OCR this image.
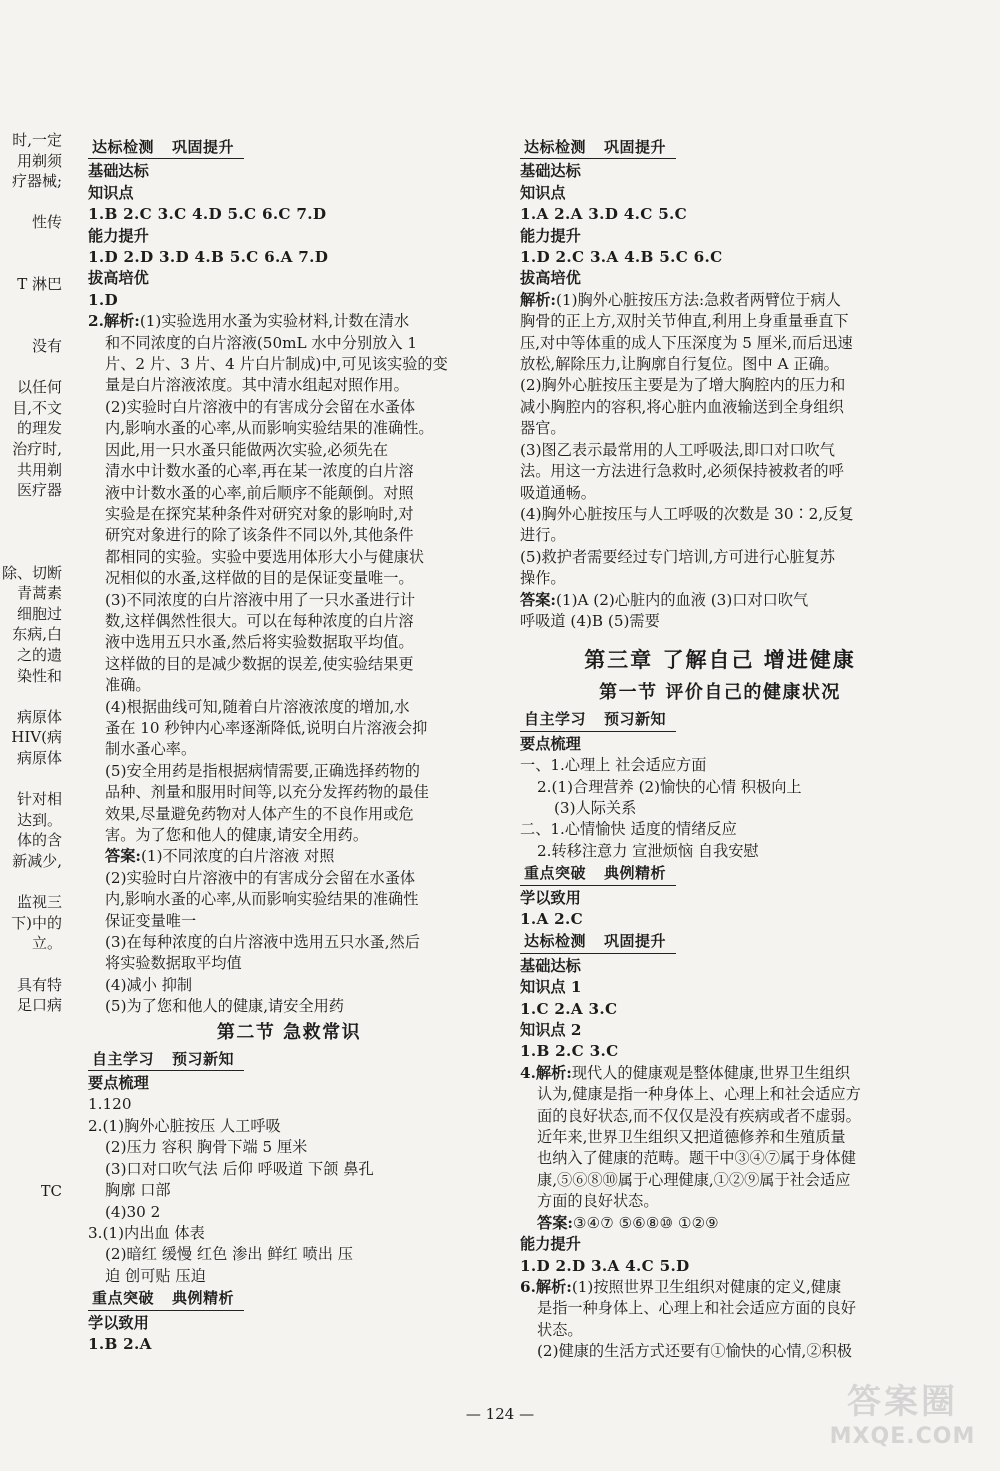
时,一定
用剃须
疗器械;
性传
T 淋巴
没有
以任何
目,不文
的理发
治疗时,
共用剃
医疗器
除、切断
青蒿素
细胞过
东病,白
之的遗
染性和
病原体
HIV(病
病原体
针对相
达到。
体的含
新减少,
监视三
下)中的
立。
具有特
足口病
TC
达标检测 巩固提升
基础达标
知识点
1.B 2.C 3.C 4.D 5.C 6.C 7.D
能力提升
1.D 2.D 3.D 4.B 5.C 6.A 7.D
拔高培优
1.D
2.解析:(1)实验选用水蚤为实验材料,计数在清水
和不同浓度的白片溶液(50mL 水中分别放入 1
片、2 片、3 片、4 片白片制成)中,可见该实验的变
量是白片溶液浓度。其中清水组起对照作用。
(2)实验时白片溶液中的有害成分会留在水蚤体
内,影响水蚤的心率,从而影响实验结果的准确性。
因此,用一只水蚤只能做两次实验,必须先在
清水中计数水蚤的心率,再在某一浓度的白片溶
液中计数水蚤的心率,前后顺序不能颠倒。对照
实验是在探究某种条件对研究对象的影响时,对
研究对象进行的除了该条件不同以外,其他条件
都相同的实验。实验中要选用体形大小与健康状
况相似的水蚤,这样做的目的是保证变量唯一。
(3)不同浓度的白片溶液中用了一只水蚤进行计
数,这样偶然性很大。可以在每种浓度的白片溶
液中选用五只水蚤,然后将实验数据取平均值。
这样做的目的是减少数据的误差,使实验结果更
准确。
(4)根据曲线可知,随着白片溶液浓度的增加,水
蚤在 10 秒钟内心率逐渐降低,说明白片溶液会抑
制水蚤心率。
(5)安全用药是指根据病情需要,正确选择药物的
品种、剂量和服用时间等,以充分发挥药物的最佳
效果,尽量避免药物对人体产生的不良作用或危
害。为了您和他人的健康,请安全用药。
答案:(1)不同浓度的白片溶液 对照
(2)实验时白片溶液中的有害成分会留在水蚤体
内,影响水蚤的心率,从而影响实验结果的准确性
保证变量唯一
(3)在每种浓度的白片溶液中选用五只水蚤,然后
将实验数据取平均值
(4)减小 抑制
(5)为了您和他人的健康,请安全用药
第二节 急救常识
自主学习 预习新知
要点梳理
1.120
2.(1)胸外心脏按压 人工呼吸
(2)压力 容积 胸骨下端 5 厘米
(3)口对口吹气法 后仰 呼吸道 下颌 鼻孔
胸廓 口部
(4)30 2
3.(1)内出血 体表
(2)暗红 缓慢 红色 渗出 鲜红 喷出 压
迫 创可贴 压迫
重点突破 典例精析
学以致用
1.B 2.A
达标检测 巩固提升
基础达标
知识点
1.A 2.A 3.D 4.C 5.C
能力提升
1.D 2.C 3.A 4.B 5.C 6.C
拔高培优
解析:(1)胸外心脏按压方法:急救者两臂位于病人
胸骨的正上方,双肘关节伸直,利用上身重量垂直下
压,对中等体重的成人下压深度为 5 厘米,而后迅速
放松,解除压力,让胸廓自行复位。图中 A 正确。
(2)胸外心脏按压主要是为了增大胸腔内的压力和
减小胸腔内的容积,将心脏内血液输送到全身组织
器官。
(3)图乙表示最常用的人工呼吸法,即口对口吹气
法。用这一方法进行急救时,必须保持被救者的呼
吸道通畅。
(4)胸外心脏按压与人工呼吸的次数是 30∶2,反复
进行。
(5)救护者需要经过专门培训,方可进行心脏复苏
操作。
答案:(1)A (2)心脏内的血液 (3)口对口吹气
呼吸道 (4)B (5)需要
第三章 了解自己 增进健康
第一节 评价自己的健康状况
自主学习 预习新知
要点梳理
一、1.心理上 社会适应方面
2.(1)合理营养 (2)愉快的心情 积极向上
(3)人际关系
二、1.心情愉快 适度的情绪反应
2.转移注意力 宣泄烦恼 自我安慰
重点突破 典例精析
学以致用
1.A 2.C
达标检测 巩固提升
基础达标
知识点 1
1.C 2.A 3.C
知识点 2
1.B 2.C 3.C
4.解析:现代人的健康观是整体健康,世界卫生组织
认为,健康是指一种身体上、心理上和社会适应方
面的良好状态,而不仅仅是没有疾病或者不虚弱。
近年来,世界卫生组织又把道德修养和生殖质量
也纳入了健康的范畴。题干中③④⑦属于身体健
康,⑤⑥⑧⑩属于心理健康,①②⑨属于社会适应
方面的良好状态。
答案:③④⑦ ⑤⑥⑧⑩ ①②⑨
能力提升
1.D 2.D 3.A 4.C 5.D
6.解析:(1)按照世界卫生组织对健康的定义,健康
是指一种身体上、心理上和社会适应方面的良好
状态。
(2)健康的生活方式还要有①愉快的心情,②积极
— 124 —	答案圈
MXQE.COM
